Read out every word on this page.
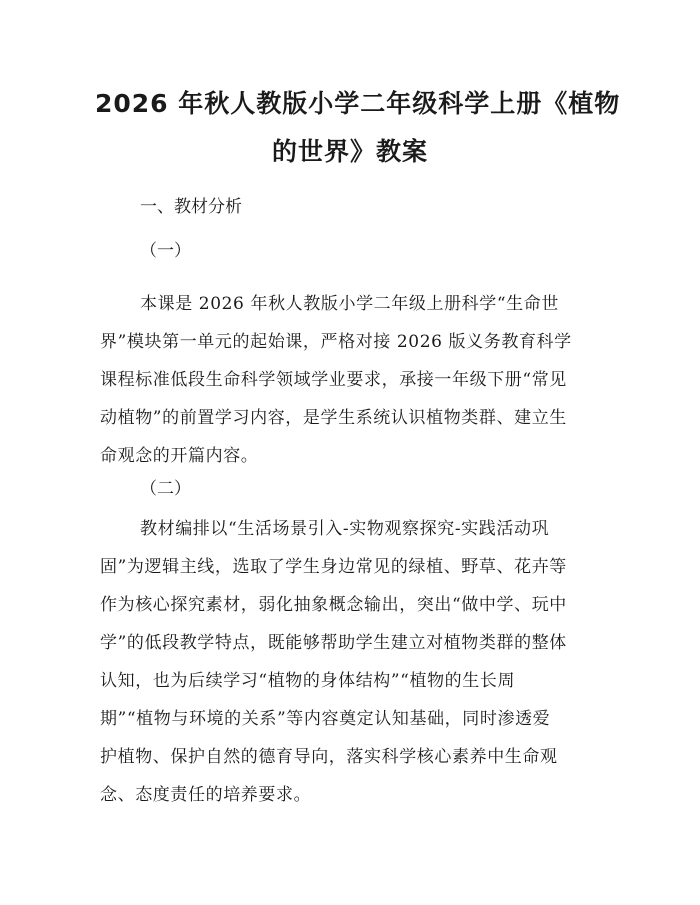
2026 年秋人教版小学二年级科学上册《植物
的世界》教案

一、教材分析

（一）

本课是 2026 年秋人教版小学二年级上册科学“生命世
界”模块第一单元的起始课，严格对接 2026 版义务教育科学
课程标准低段生命科学领域学业要求，承接一年级下册“常见
动植物”的前置学习内容，是学生系统认识植物类群、建立生
命观念的开篇内容。

（二）

教材编排以“生活场景引入-实物观察探究-实践活动巩
固”为逻辑主线，选取了学生身边常见的绿植、野草、花卉等
作为核心探究素材，弱化抽象概念输出，突出“做中学、玩中
学”的低段教学特点，既能够帮助学生建立对植物类群的整体
认知，也为后续学习“植物的身体结构”“植物的生长周
期”“植物与环境的关系”等内容奠定认知基础，同时渗透爱
护植物、保护自然的德育导向，落实科学核心素养中生命观
念、态度责任的培养要求。
